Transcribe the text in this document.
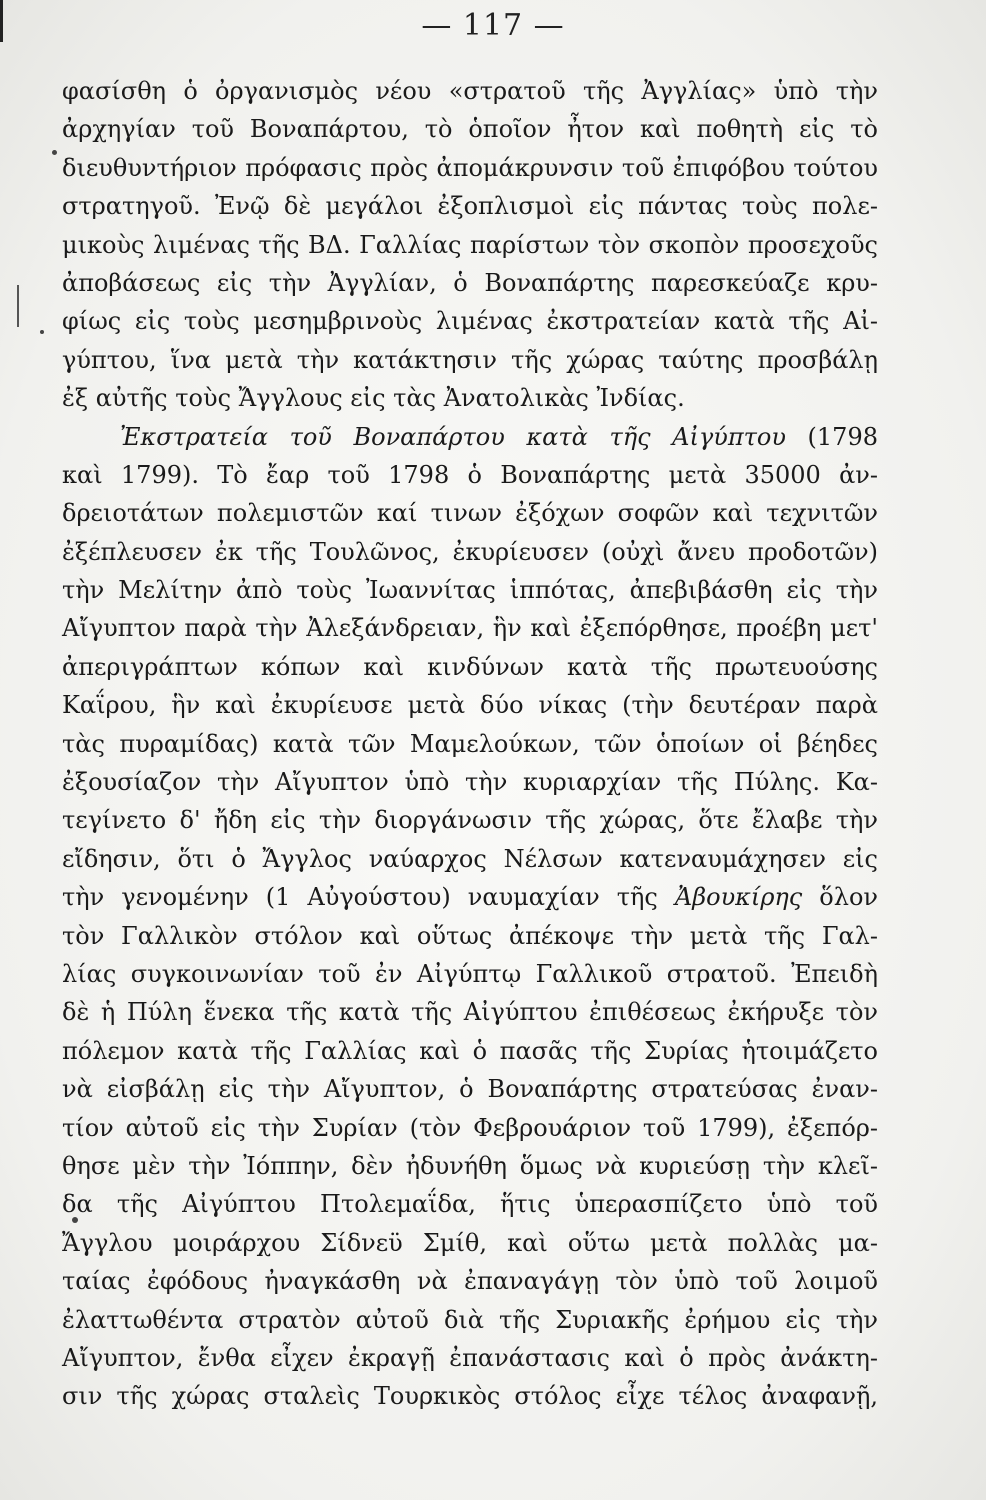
— 117 —
φασίσθη ὁ ὀργανισμὸς νέου «στρατοῦ τῆς Ἀγγλίας» ὑπὸ τὴν
ἀρχηγίαν τοῦ Βοναπάρτου, τὸ ὁποῖον ἦτον καὶ ποθητὴ εἰς τὸ
διευθυντήριον πρόφασις πρὸς ἀπομάκρυνσιν τοῦ ἐπιφόβου τούτου
στρατηγοῦ. Ἐνῷ δὲ μεγάλοι ἐξοπλισμοὶ εἰς πάντας τοὺς πολε-
μικοὺς λιμένας τῆς ΒΔ. Γαλλίας παρίστων τὸν σκοπὸν προσεχοῦς
ἀποβάσεως εἰς τὴν Ἀγγλίαν, ὁ Βοναπάρτης παρεσκεύαζε κρυ-
φίως εἰς τοὺς μεσημβρινοὺς λιμένας ἐκστρατείαν κατὰ τῆς Αἰ-
γύπτου, ἵνα μετὰ τὴν κατάκτησιν τῆς χώρας ταύτης προσβάλῃ
ἐξ αὐτῆς τοὺς Ἄγγλους εἰς τὰς Ἀνατολικὰς Ἰνδίας.
Ἐκστρατεία τοῦ Βοναπάρτου κατὰ τῆς Αἰγύπτου (1798
καὶ 1799). Τὸ ἔαρ τοῦ 1798 ὁ Βοναπάρτης μετὰ 35000 ἀν-
δρειοτάτων πολεμιστῶν καί τινων ἐξόχων σοφῶν καὶ τεχνιτῶν
ἐξέπλευσεν ἐκ τῆς Τουλῶνος, ἐκυρίευσεν (οὐχὶ ἄνευ προδοτῶν)
τὴν Μελίτην ἀπὸ τοὺς Ἰωαννίτας ἱππότας, ἀπεβιβάσθη εἰς τὴν
Αἴγυπτον παρὰ τὴν Ἀλεξάνδρειαν, ἣν καὶ ἐξεπόρθησε, προέβη μετ'
ἀπεριγράπτων κόπων καὶ κινδύνων κατὰ τῆς πρωτευούσης
Καΐρου, ἣν καὶ ἐκυρίευσε μετὰ δύο νίκας (τὴν δευτέραν παρὰ
τὰς πυραμίδας) κατὰ τῶν Μαμελούκων, τῶν ὁποίων οἱ βέηδες
ἐξουσίαζον τὴν Αἴγυπτον ὑπὸ τὴν κυριαρχίαν τῆς Πύλης. Κα-
τεγίνετο δ' ἤδη εἰς τὴν διοργάνωσιν τῆς χώρας, ὅτε ἔλαβε τὴν
εἴδησιν, ὅτι ὁ Ἄγγλος ναύαρχος Νέλσων κατεναυμάχησεν εἰς
τὴν γενομένην (1 Αὐγούστου) ναυμαχίαν τῆς Ἀβουκίρης ὅλον
τὸν Γαλλικὸν στόλον καὶ οὕτως ἀπέκοψε τὴν μετὰ τῆς Γαλ-
λίας συγκοινωνίαν τοῦ ἐν Αἰγύπτῳ Γαλλικοῦ στρατοῦ. Ἐπειδὴ
δὲ ἡ Πύλη ἕνεκα τῆς κατὰ τῆς Αἰγύπτου ἐπιθέσεως ἐκήρυξε τὸν
πόλεμον κατὰ τῆς Γαλλίας καὶ ὁ πασᾶς τῆς Συρίας ἡτοιμάζετο
νὰ εἰσβάλῃ εἰς τὴν Αἴγυπτον, ὁ Βοναπάρτης στρατεύσας ἐναν-
τίον αὐτοῦ εἰς τὴν Συρίαν (τὸν Φεβρουάριον τοῦ 1799), ἐξεπόρ-
θησε μὲν τὴν Ἰόππην, δὲν ἠδυνήθη ὅμως νὰ κυριεύσῃ τὴν κλεῖ-
δα τῆς Αἰγύπτου Πτολεμαΐδα, ἥτις ὑπερασπίζετο ὑπὸ τοῦ
Ἄγγλου μοιράρχου Σίδνεϋ Σμίθ, καὶ οὕτω μετὰ πολλὰς μα-
ταίας ἐφόδους ἠναγκάσθη νὰ ἐπαναγάγῃ τὸν ὑπὸ τοῦ λοιμοῦ
ἐλαττωθέντα στρατὸν αὐτοῦ διὰ τῆς Συριακῆς ἐρήμου εἰς τὴν
Αἴγυπτον, ἔνθα εἶχεν ἐκραγῇ ἐπανάστασις καὶ ὁ πρὸς ἀνάκτη-
σιν τῆς χώρας σταλεὶς Τουρκικὸς στόλος εἶχε τέλος ἀναφανῇ,
